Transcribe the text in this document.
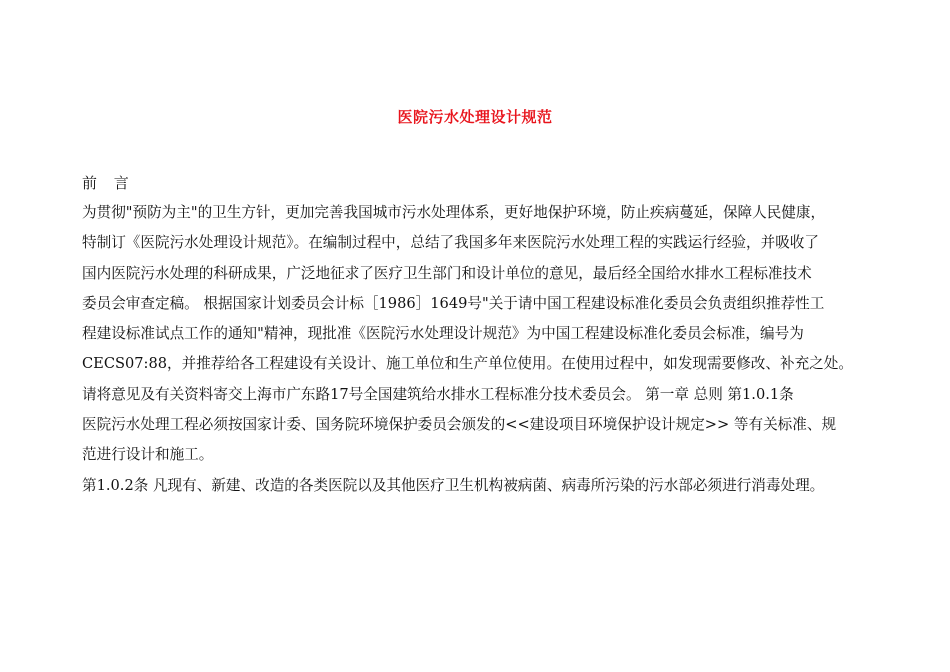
医院污水处理设计规范
前 言
为贯彻"预防为主"的卫生方针，更加完善我国城市污水处理体系，更好地保护环境，防止疾病蔓延，保障人民健康，
特制订《医院污水处理设计规范》。在编制过程中，总结了我国多年来医院污水处理工程的实践运行经验，并吸收了
国内医院污水处理的科研成果，广泛地征求了医疗卫生部门和设计单位的意见，最后经全国给水排水工程标准技术
委员会审查定稿。 根据国家计划委员会计标［1986］1649号"关于请中国工程建设标准化委员会负责组织推荐性工
程建设标准试点工作的通知"精神，现批准《医院污水处理设计规范》为中国工程建设标准化委员会标准，编号为
CECS07:88，并推荐给各工程建设有关设计、施工单位和生产单位使用。在使用过程中，如发现需要修改、补充之处。
请将意见及有关资料寄交上海市广东路17号全国建筑给水排水工程标准分技术委员会。 第一章 总则 第1.0.1条
医院污水处理工程必须按国家计委、国务院环境保护委员会颁发的<<建设项目环境保护设计规定>> 等有关标准、规
范进行设计和施工。
第1.0.2条 凡现有、新建、改造的各类医院以及其他医疗卫生机构被病菌、病毒所污染的污水部必须进行消毒处理。
